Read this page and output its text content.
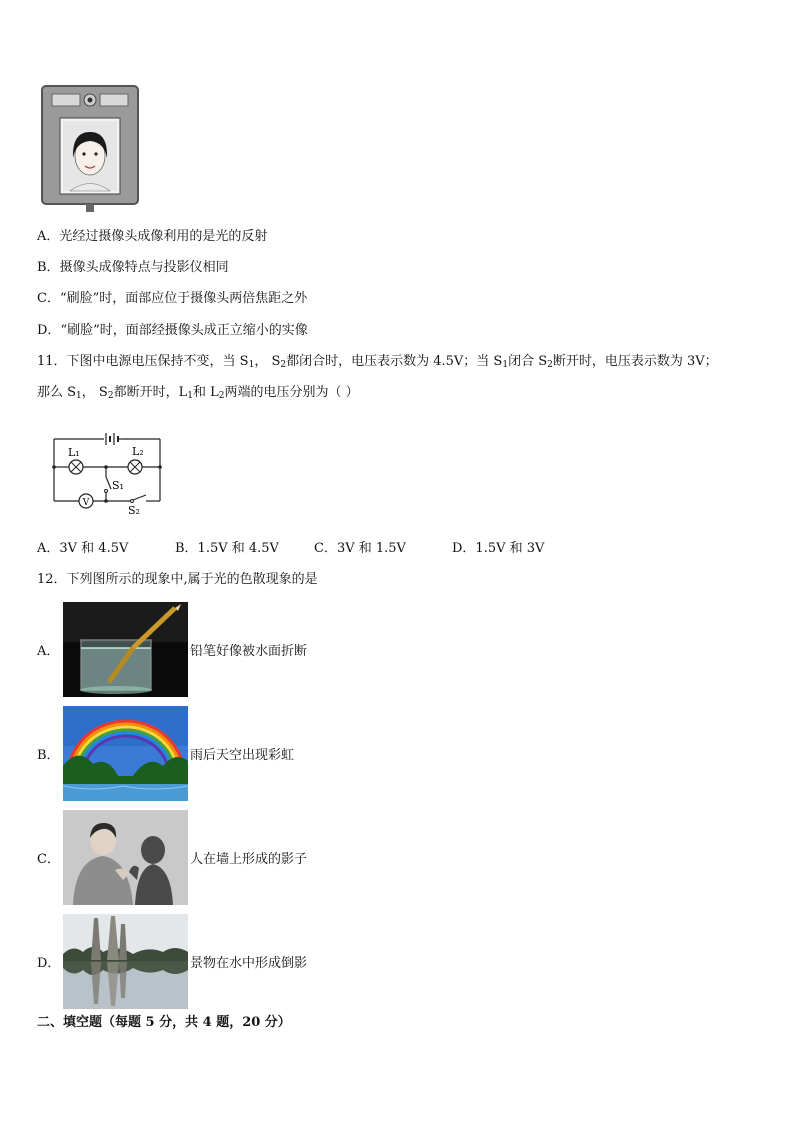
A．光经过摄像头成像利用的是光的反射
B．摄像头成像特点与投影仪相同
C．“刷脸”时，面部应位于摄像头两倍焦距之外
D．“刷脸”时，面部经摄像头成正立缩小的实像
11．下图中电源电压保持不变，当 $S_1$， $S_2$都闭合时，电压表示数为 4.5V；当 $S_1$闭合 $S_2$断开时，电压表示数为 3V；
那么 $S_1$， $S_2$都断开时，$L_1$和 $L_2$两端的电压分别为（ ）
V
L₁	L₂
S₁
S₂
A．3V 和 4.5V	B．1.5V 和 4.5V	C．3V 和 1.5V	D．1.5V 和 3V
12．下列图所示的现象中,属于光的色散现象的是
A．	铅笔好像被水面折断
B．	雨后天空出现彩虹
C．	人在墙上形成的影子
D．	景物在水中形成倒影
二、填空题（每题 5 分，共 4 题，20 分）
